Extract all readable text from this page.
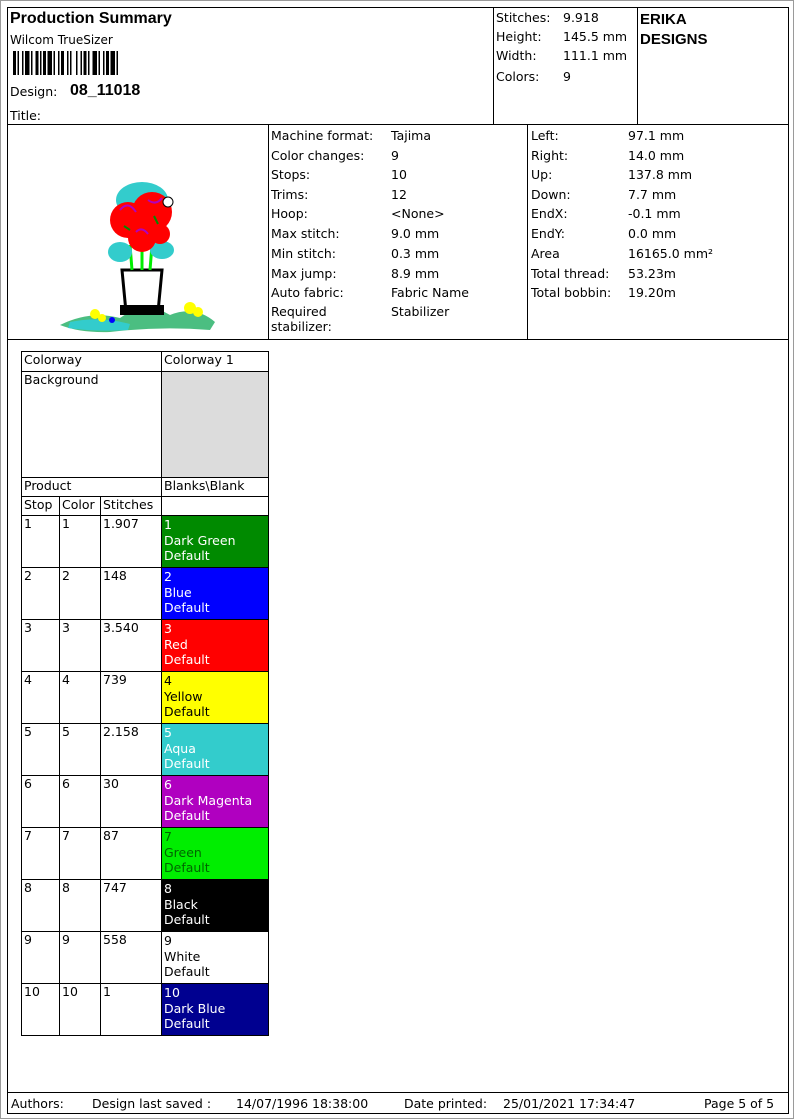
Production Summary
Wilcom TrueSizer
Design: 08_11018
Title:
Stitches: 9.918
Height: 145.5 mm
Width: 111.1 mm
Colors: 9
ERIKA
DESIGNS
Machine format: Tajima
Color changes: 9
Stops:	10
Trims:	12
Hoop:	<None>
Max stitch:	9.0 mm
Min stitch:	0.3 mm
Max jump:	8.9 mm
Auto fabric:	Fabric Name
Required
stabilizer:
Stabilizer
Left:	97.1 mm
Right:	14.0 mm
Up:	137.8 mm
Down:	7.7 mm
EndX:	-0.1 mm
EndY:	0.0 mm
Area	16165.0 mm²
Total thread: 53.23m
Total bobbin: 19.20m
Colorway			Colorway 1
Background			
Product			Blanks\Blank
Stop	Color	Stitches	
1	1	1.907	1
Dark Green
Default

2	2	148	2
Blue
Default

3	3	3.540	3
Red
Default

4	4	739	4
Yellow
Default

5	5	2.158	5
Aqua
Default

6	6	30	6
Dark Magenta
Default

7	7	87	7
Green
Default

8	8	747	8
Black
Default

9	9	558	9
White
Default

10	10	1	10
Dark Blue
Default
Authors: Design last saved : 14/07/1996 18:38:00	Date printed: 25/01/2021 17:34:47	Page 5 of 5
